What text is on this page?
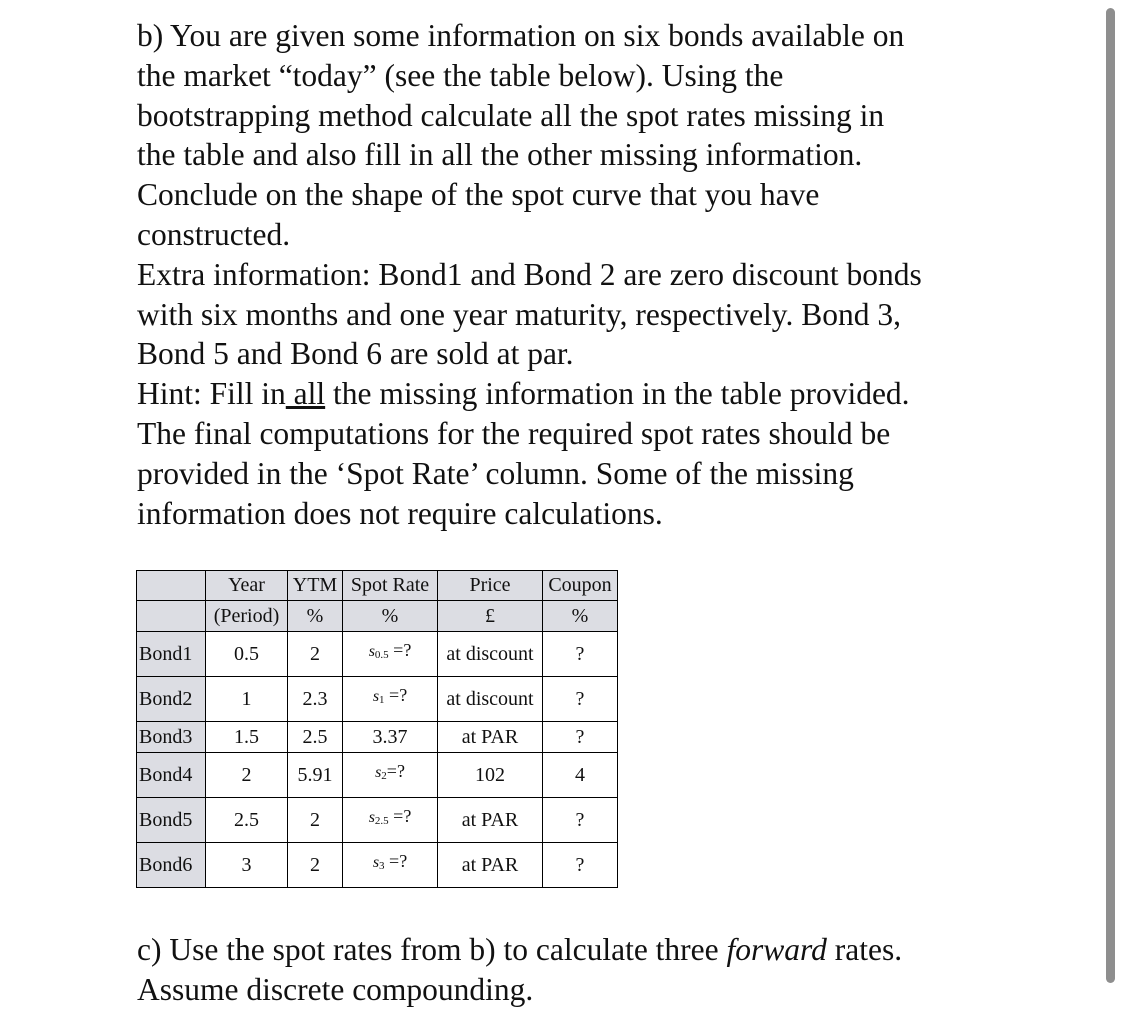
b) You are given some information on six bonds available on
the market “today” (see the table below). Using the
bootstrapping method calculate all the spot rates missing in
the table and also fill in all the other missing information.
Conclude on the shape of the spot curve that you have
constructed.

Extra information: Bond1 and Bond 2 are zero discount bonds
with six months and one year maturity, respectively. Bond 3,
Bond 5 and Bond 6 are sold at par.

Hint: Fill in all the missing information in the table provided.
The final computations for the required spot rates should be
provided in the ‘Spot Rate’ column. Some of the missing
information does not require calculations.

	Year	YTM	Spot Rate	Price	Coupon
	(Period)	%	%	£	%
Bond1	0.5	2	$s_{0.5}$ =?	at discount	?
Bond2	1	2.3	$s_1$ =?	at discount	?
Bond3	1.5	2.5	3.37	at PAR	?
Bond4	2	5.91	$s_2=$?	102	4
Bond5	2.5	2	$s_{2.5}$ =?	at PAR	?
Bond6	3	2	$s_3$ =?	at PAR	?

c) Use the spot rates from b) to calculate three forward rates.
Assume discrete compounding.
